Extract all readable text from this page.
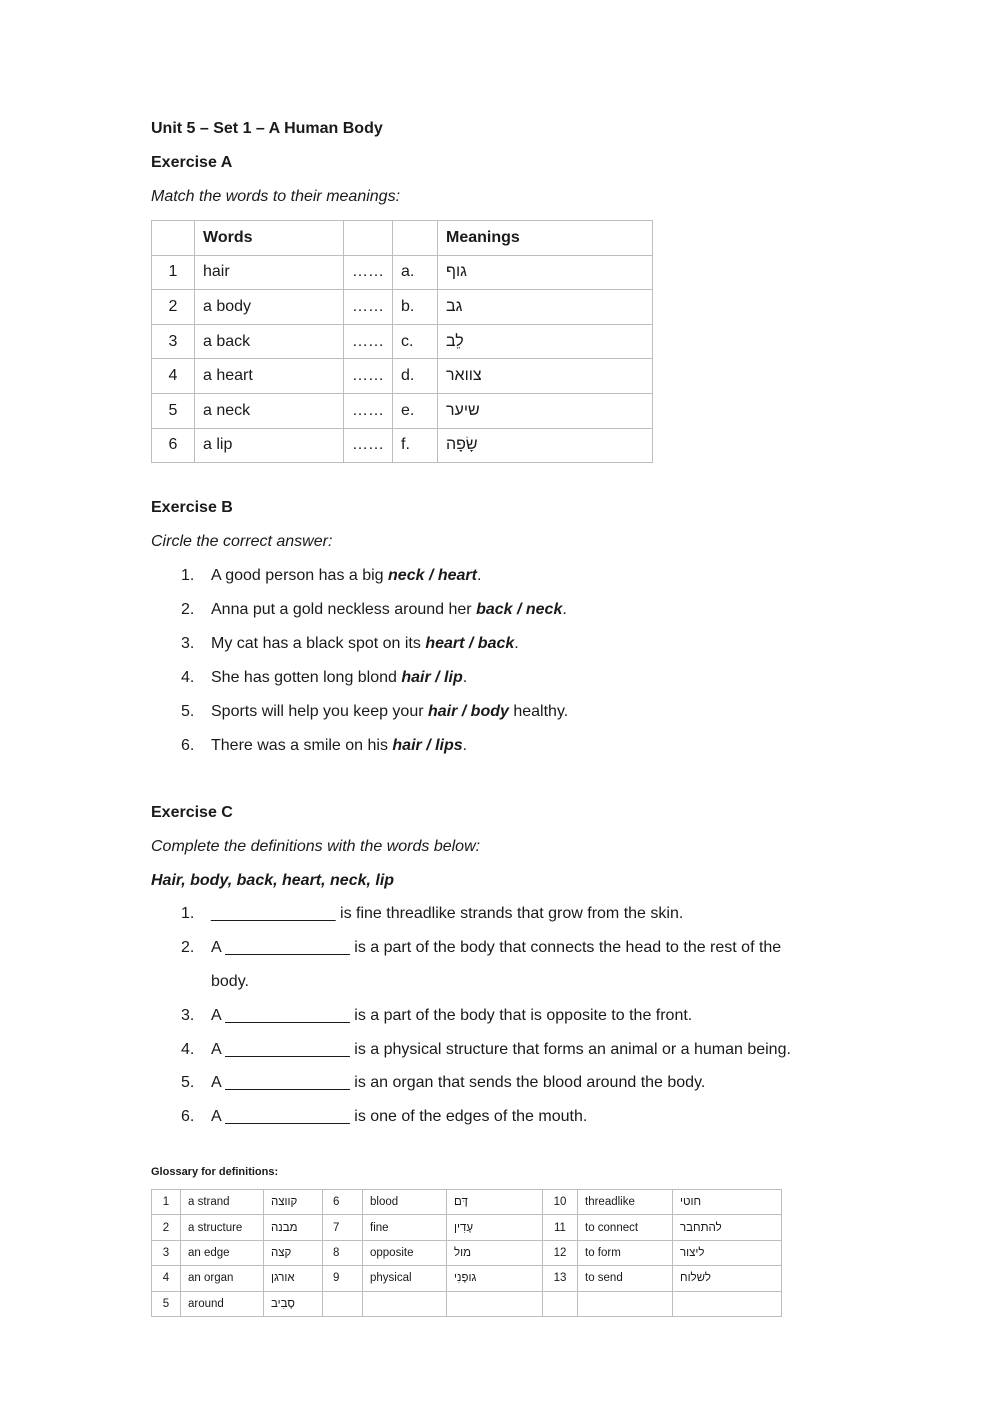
Unit 5 – Set 1 – A Human Body
Exercise A
Match the words to their meanings:
	Words			Meanings
1	hair	……	a.	גוף
2	a body	……	b.	גב
3	a back	……	c.	לֵב
4	a heart	……	d.	צוואר
5	a neck	……	e.	שיער
6	a lip	……	f.	שָׂפָה
Exercise B
Circle the correct answer:
1. A good person has a big neck / heart.
2. Anna put a gold neckless around her back / neck.
3. My cat has a black spot on its heart / back.
4. She has gotten long blond hair / lip.
5. Sports will help you keep your hair / body healthy.
6. There was a smile on his hair / lips.
Exercise C
Complete the definitions with the words below:
Hair, body, back, heart, neck, lip
1. ______________ is fine threadlike strands that grow from the skin.
2. A ______________ is a part of the body that connects the head to the rest of the
body.
3. A ______________ is a part of the body that is opposite to the front.
4. A ______________ is a physical structure that forms an animal or a human being.
5. A ______________ is an organ that sends the blood around the body.
6. A ______________ is one of the edges of the mouth.
Glossary for definitions:
1	a strand	קווצה	6	blood	דָּם	10	threadlike	חוטי
2	a structure	מבנה	7	fine	עָדִין	11	to connect	להתחבר
3	an edge	קצה	8	opposite	מול	12	to form	ליצור
4	an organ	אורגן	9	physical	גופָנִי	13	to send	לשלוח
5	around	סָבִיב						
